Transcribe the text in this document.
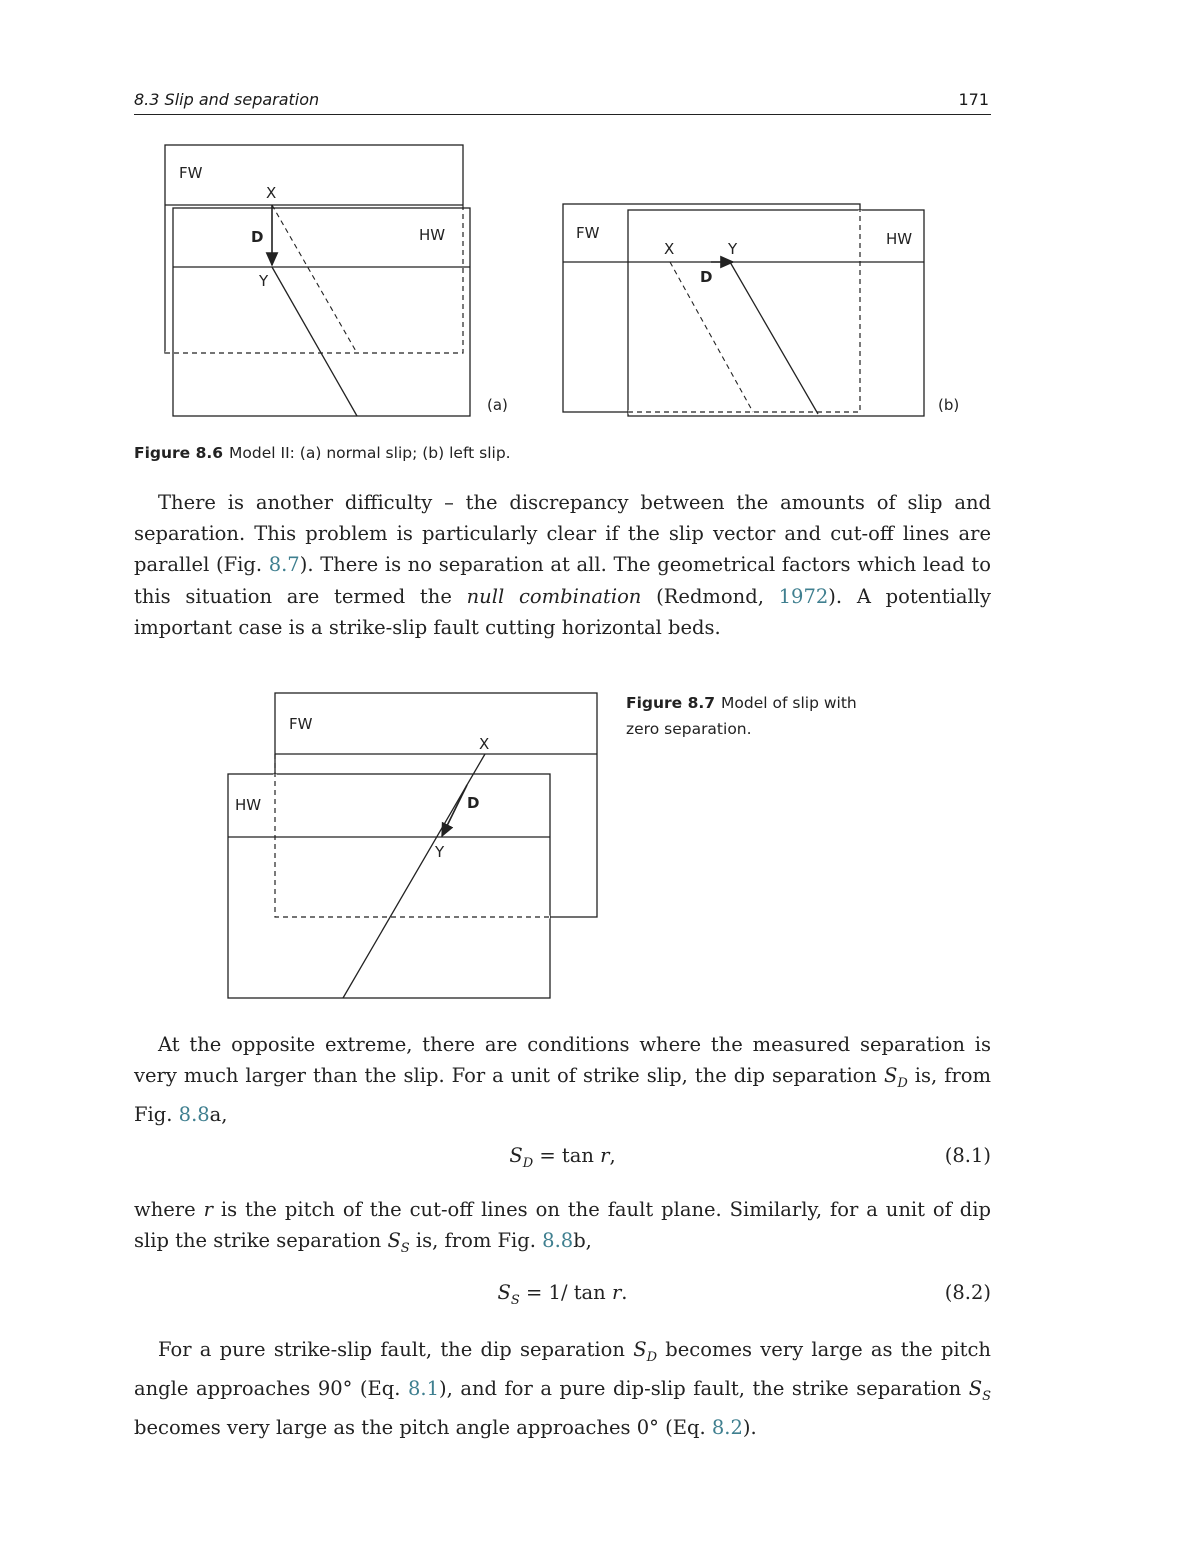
8.3 Slip and separation	171
FW
HW
X
D
Y
(a)
FW	HW
X	Y
D
(b)
Figure 8.6 Model II: (a) normal slip; (b) left slip.

There is another difficulty – the discrepancy between the amounts of slip and separation. This problem is particularly clear if the slip vector and cut-off lines are parallel (Fig. 8.7). There is no separation at all. The geometrical factors which lead to this situation are termed the null combination (Redmond, 1972). A potentially important case is a strike-slip fault cutting horizontal beds.

FW
X
HW	D
Y
Figure 8.7 Model of slip with zero separation.

At the opposite extreme, there are conditions where the measured separation is very much larger than the slip. For a unit of strike slip, the dip separation $S_D$ is, from Fig. 8.8a,

$S_D = \tan r$,	(8.1)

where r is the pitch of the cut-off lines on the fault plane. Similarly, for a unit of dip slip the strike separation $S_S$ is, from Fig. 8.8b,

$S_S = 1/$ tan r.	(8.2)

For a pure strike-slip fault, the dip separation $S_D$ becomes very large as the pitch angle approaches 90° (Eq. 8.1), and for a pure dip-slip fault, the strike separation $S_S$ becomes very large as the pitch angle approaches 0° (Eq. 8.2).
